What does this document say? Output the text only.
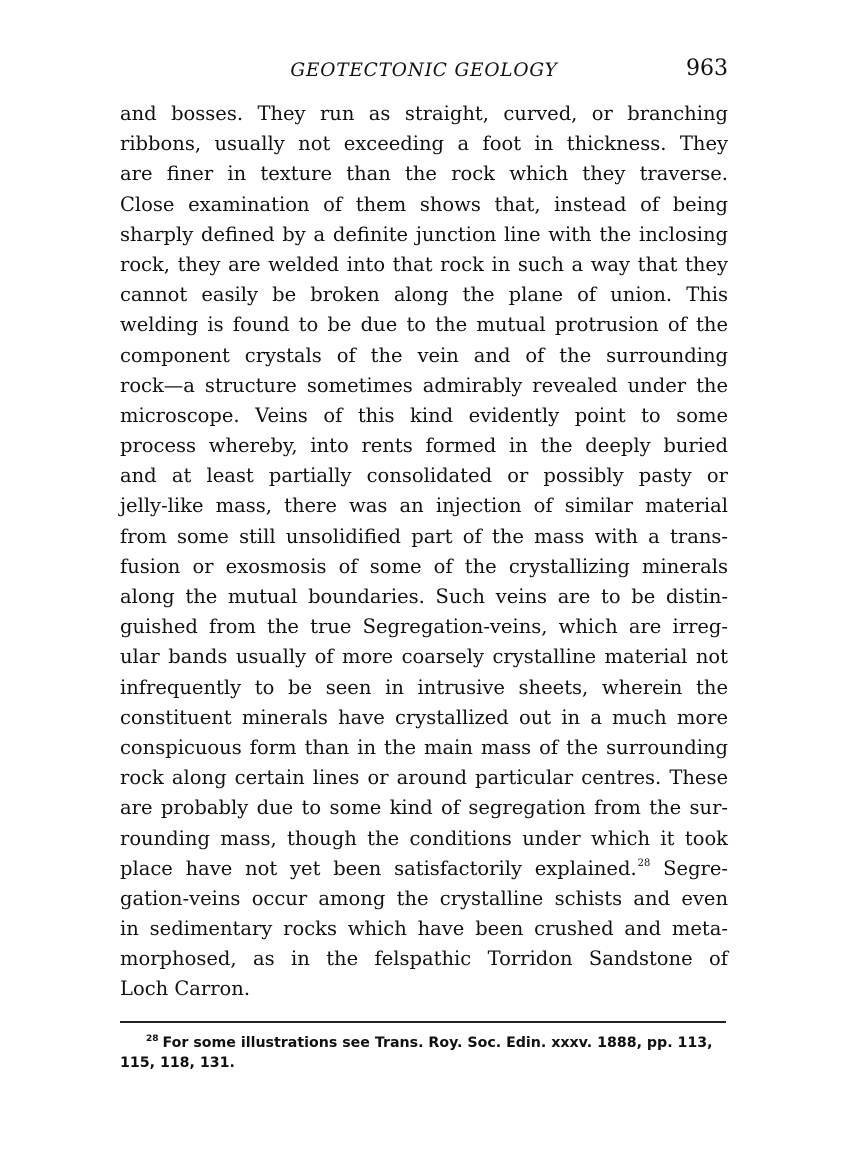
GEOTECTONIC GEOLOGY	963
and bosses. They run as straight, curved, or branching
ribbons, usually not exceeding a foot in thickness. They
are finer in texture than the rock which they traverse.
Close examination of them shows that, instead of being
sharply defined by a definite junction line with the inclosing
rock, they are welded into that rock in such a way that they
cannot easily be broken along the plane of union. This
welding is found to be due to the mutual protrusion of the
component crystals of the vein and of the surrounding
rock—a structure sometimes admirably revealed under the
microscope. Veins of this kind evidently point to some
process whereby, into rents formed in the deeply buried
and at least partially consolidated or possibly pasty or
jelly-like mass, there was an injection of similar material
from some still unsolidified part of the mass with a trans-
fusion or exosmosis of some of the crystallizing minerals
along the mutual boundaries. Such veins are to be distin-
guished from the true Segregation-veins, which are irreg-
ular bands usually of more coarsely crystalline material not
infrequently to be seen in intrusive sheets, wherein the
constituent minerals have crystallized out in a much more
conspicuous form than in the main mass of the surrounding
rock along certain lines or around particular centres. These
are probably due to some kind of segregation from the sur-
rounding mass, though the conditions under which it took
place have not yet been satisfactorily explained.$^{28}$ Segre-
gation-veins occur among the crystalline schists and even
in sedimentary rocks which have been crushed and meta-
morphosed, as in the felspathic Torridon Sandstone of
Loch Carron.
$^{28}$ For some illustrations see Trans. Roy. Soc. Edin. xxxv. 1888, pp. 113,
115, 118, 131.
